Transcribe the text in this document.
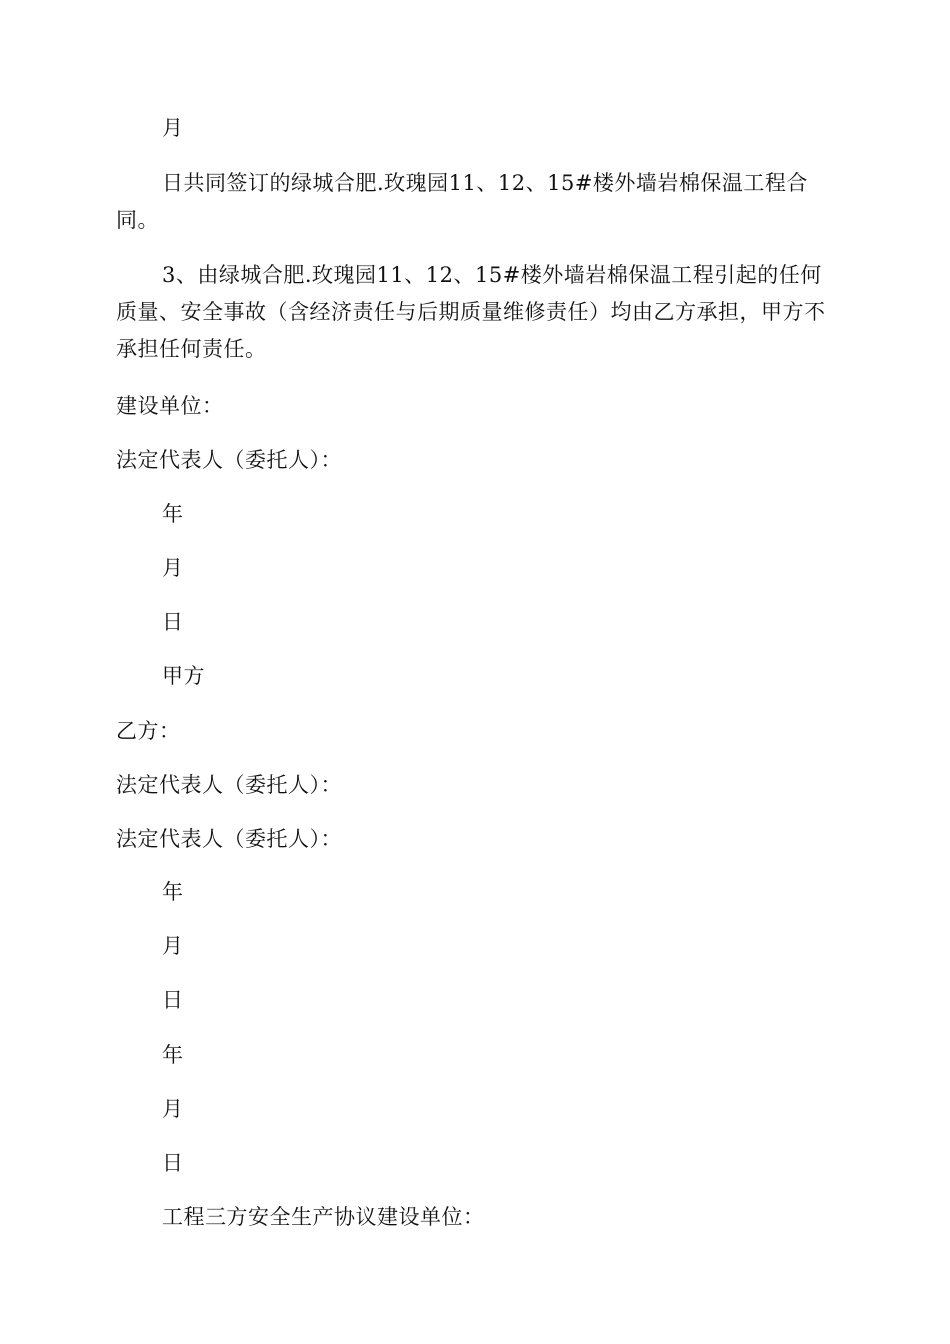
月
日共同签订的绿城合肥.玫瑰园11、12、15#楼外墙岩棉保温工程合同。
3、由绿城合肥.玫瑰园11、12、15#楼外墙岩棉保温工程引起的任何质量、安全事故（含经济责任与后期质量维修责任）均由乙方承担，甲方不承担任何责任。
建设单位：
法定代表人（委托人）：
年
月
日
甲方
乙方：
法定代表人（委托人）：
法定代表人（委托人）：
年
月
日
年
月
日
工程三方安全生产协议建设单位：
